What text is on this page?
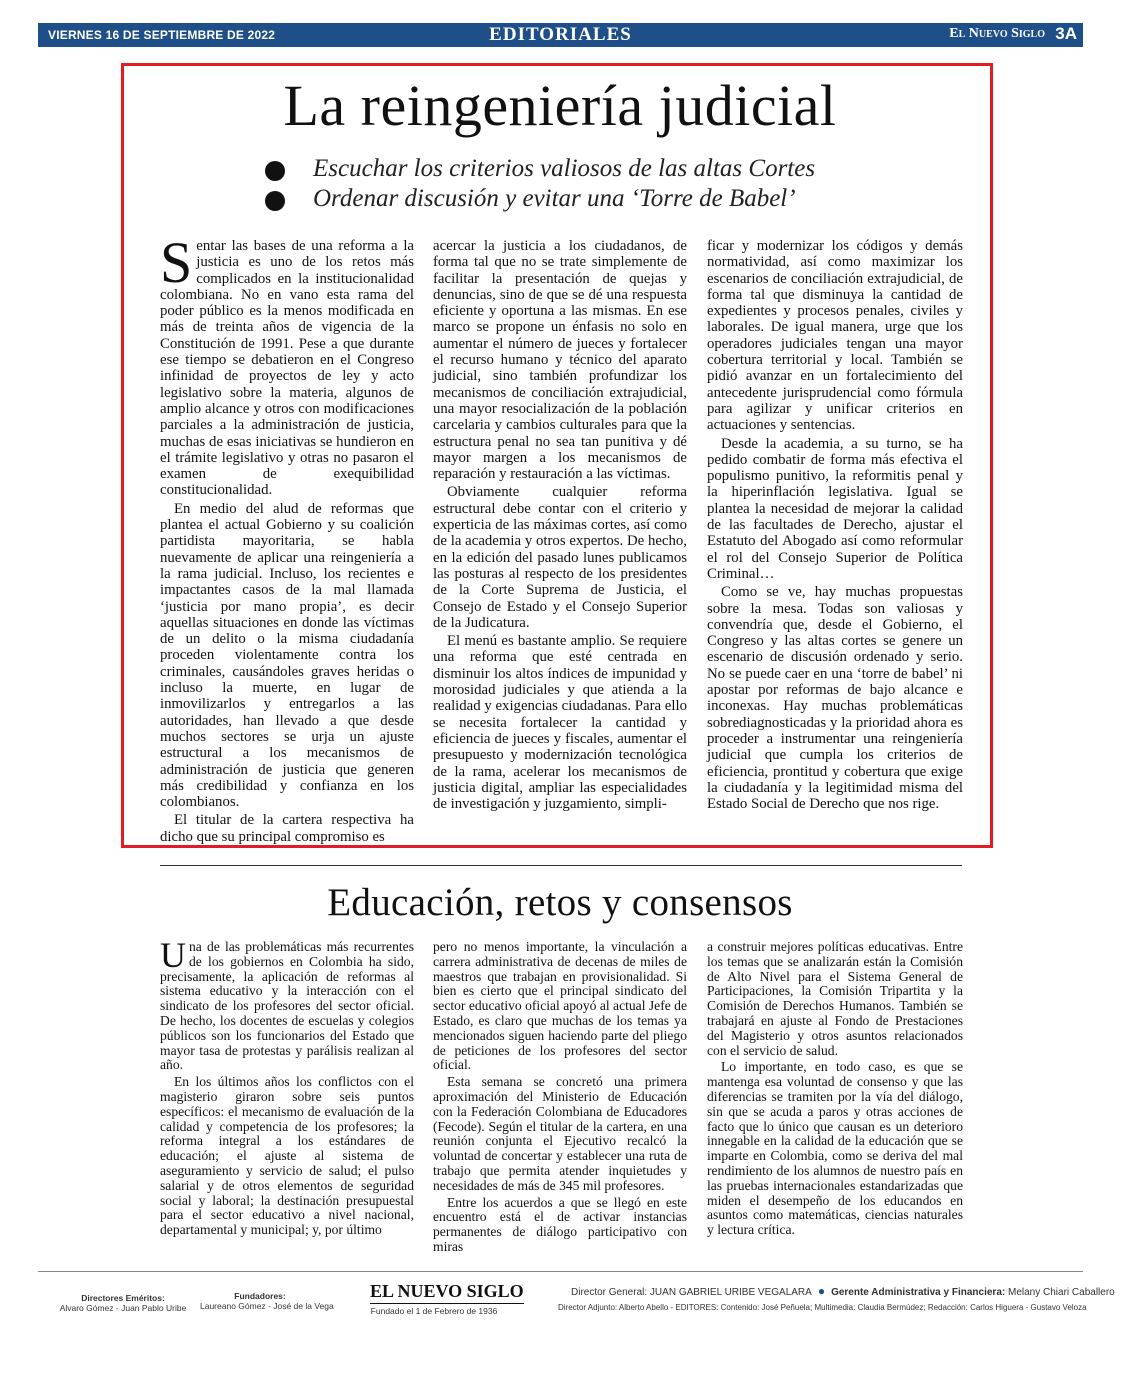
VIERNES 16 DE SEPTIEMBRE DE 2022	EDITORIALES	El Nuevo Siglo 3A
La reingeniería judicial
Escuchar los criterios valiosos de las altas Cortes
Ordenar discusión y evitar una ‘Torre de Babel’

Sentar las bases de una reforma a la justicia es uno de los retos más complicados en la institucionalidad colombiana. No en vano esta rama del poder público es la menos modificada en más de treinta años de vigencia de la Constitución de 1991. Pese a que durante ese tiempo se debatieron en el Congreso infinidad de proyectos de ley y acto legislativo sobre la materia, algunos de amplio alcance y otros con modificaciones parciales a la administración de justicia, muchas de esas iniciativas se hundieron en el trámite legislativo y otras no pasaron el examen de exequibilidad constitucionalidad.

En medio del alud de reformas que plantea el actual Gobierno y su coalición partidista mayoritaria, se habla nuevamente de aplicar una reingeniería a la rama judicial. Incluso, los recientes e impactantes casos de la mal llamada ‘justicia por mano propia’, es decir aquellas situaciones en donde las víctimas de un delito o la misma ciudadanía proceden violentamente contra los criminales, causándoles graves heridas o incluso la muerte, en lugar de inmovilizarlos y entregarlos a las autoridades, han llevado a que desde muchos sectores se urja un ajuste estructural a los mecanismos de administración de justicia que generen más credibilidad y confianza en los colombianos.

El titular de la cartera respectiva ha dicho que su principal compromiso es

acercar la justicia a los ciudadanos, de forma tal que no se trate simplemente de facilitar la presentación de quejas y denuncias, sino de que se dé una respuesta eficiente y oportuna a las mismas. En ese marco se propone un énfasis no solo en aumentar el número de jueces y fortalecer el recurso humano y técnico del aparato judicial, sino también profundizar los mecanismos de conciliación extrajudicial, una mayor resocialización de la población carcelaria y cambios culturales para que la estructura penal no sea tan punitiva y dé mayor margen a los mecanismos de reparación y restauración a las víctimas.

Obviamente cualquier reforma estructural debe contar con el criterio y experticia de las máximas cortes, así como de la academia y otros expertos. De hecho, en la edición del pasado lunes publicamos las posturas al respecto de los presidentes de la Corte Suprema de Justicia, el Consejo de Estado y el Consejo Superior de la Judicatura.

El menú es bastante amplio. Se requiere una reforma que esté centrada en disminuir los altos índices de impunidad y morosidad judiciales y que atienda a la realidad y exigencias ciudadanas. Para ello se necesita fortalecer la cantidad y eficiencia de jueces y fiscales, aumentar el presupuesto y modernización tecnológica de la rama, acelerar los mecanismos de justicia digital, ampliar las especialidades de investigación y juzgamiento, simpli-

ficar y modernizar los códigos y demás normatividad, así como maximizar los escenarios de conciliación extrajudicial, de forma tal que disminuya la cantidad de expedientes y procesos penales, civiles y laborales. De igual manera, urge que los operadores judiciales tengan una mayor cobertura territorial y local. También se pidió avanzar en un fortalecimiento del antecedente jurisprudencial como fórmula para agilizar y unificar criterios en actuaciones y sentencias.

Desde la academia, a su turno, se ha pedido combatir de forma más efectiva el populismo punitivo, la reformitis penal y la hiperinflación legislativa. Igual se plantea la necesidad de mejorar la calidad de las facultades de Derecho, ajustar el Estatuto del Abogado así como reformular el rol del Consejo Superior de Política Criminal…

Como se ve, hay muchas propuestas sobre la mesa. Todas son valiosas y convendría que, desde el Gobierno, el Congreso y las altas cortes se genere un escenario de discusión ordenado y serio. No se puede caer en una ‘torre de babel’ ni apostar por reformas de bajo alcance e inconexas. Hay muchas problemáticas sobrediagnosticadas y la prioridad ahora es proceder a instrumentar una reingeniería judicial que cumpla los criterios de eficiencia, prontitud y cobertura que exige la ciudadanía y la legitimidad misma del Estado Social de Derecho que nos rige.

Educación, retos y consensos

Una de las problemáticas más recurrentes de los gobiernos en Colombia ha sido, precisamente, la aplicación de reformas al sistema educativo y la interacción con el sindicato de los profesores del sector oficial. De hecho, los docentes de escuelas y colegios públicos son los funcionarios del Estado que mayor tasa de protestas y parálisis realizan al año.

En los últimos años los conflictos con el magisterio giraron sobre seis puntos específicos: el mecanismo de evaluación de la calidad y competencia de los profesores; la reforma integral a los estándares de educación; el ajuste al sistema de aseguramiento y servicio de salud; el pulso salarial y de otros elementos de seguridad social y laboral; la destinación presupuestal para el sector educativo a nivel nacional, departamental y municipal; y, por último

pero no menos importante, la vinculación a carrera administrativa de decenas de miles de maestros que trabajan en provisionalidad. Si bien es cierto que el principal sindicato del sector educativo oficial apoyó al actual Jefe de Estado, es claro que muchas de los temas ya mencionados siguen haciendo parte del pliego de peticiones de los profesores del sector oficial.

Esta semana se concretó una primera aproximación del Ministerio de Educación con la Federación Colombiana de Educadores (Fecode). Según el titular de la cartera, en una reunión conjunta el Ejecutivo recalcó la voluntad de concertar y establecer una ruta de trabajo que permita atender inquietudes y necesidades de más de 345 mil profesores.

Entre los acuerdos a que se llegó en este encuentro está el de activar instancias permanentes de diálogo participativo con miras

a construir mejores políticas educativas. Entre los temas que se analizarán están la Comisión de Alto Nivel para el Sistema General de Participaciones, la Comisión Tripartita y la Comisión de Derechos Humanos. También se trabajará en ajuste al Fondo de Prestaciones del Magisterio y otros asuntos relacionados con el servicio de salud.

Lo importante, en todo caso, es que se mantenga esa voluntad de consenso y que las diferencias se tramiten por la vía del diálogo, sin que se acuda a paros y otras acciones de facto que lo único que causan es un deterioro innegable en la calidad de la educación que se imparte en Colombia, como se deriva del mal rendimiento de los alumnos de nuestro país en las pruebas internacionales estandarizadas que miden el desempeño de los educandos en asuntos como matemáticas, ciencias naturales y lectura crítica.

Directores Eméritos:
Alvaro Gómez - Juan Pablo Uribe
Fundadores:
Laureano Gómez - José de la Vega
EL NUEVO SIGLO
Fundado el 1 de Febrero de 1936
Director General: JUAN GABRIEL URIBE VEGALARA ● Gerente Administrativa y Financiera: Melany Chiari Caballero
Director Adjunto: Alberto Abello - EDITORES: Contenido: José Peñuela; Multimedia: Claudia Bermúdez; Redacción: Carlos Higuera - Gustavo Veloza
